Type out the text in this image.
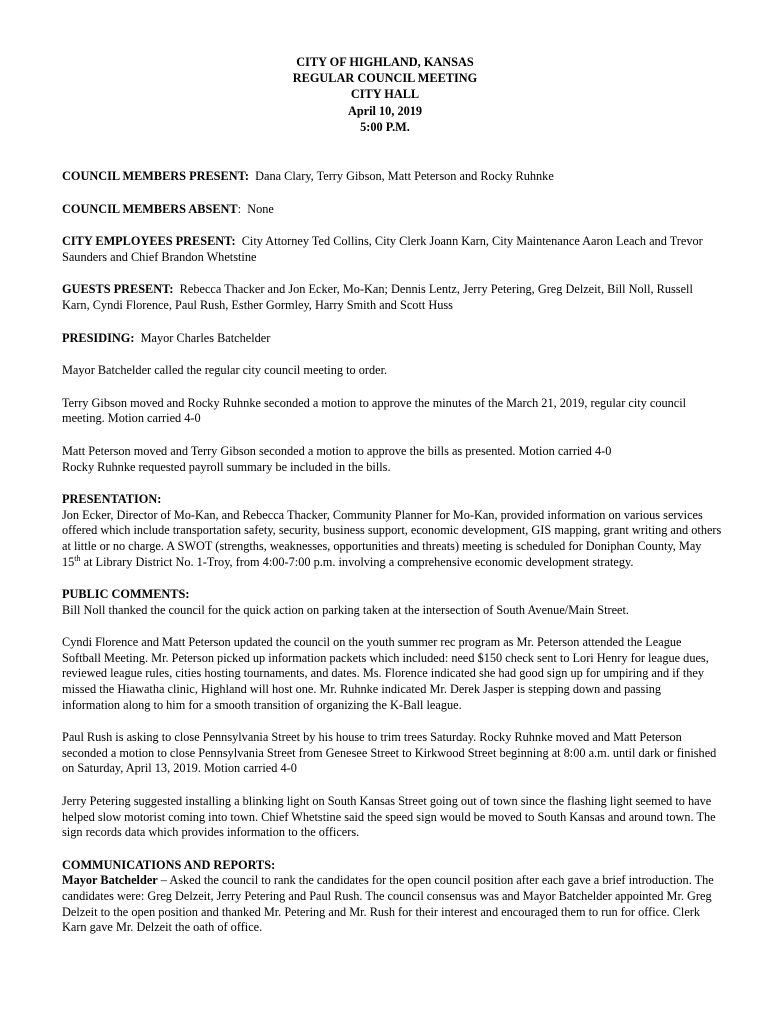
CITY OF HIGHLAND, KANSAS
REGULAR COUNCIL MEETING
CITY HALL
April 10, 2019
5:00 P.M.

COUNCIL MEMBERS PRESENT: Dana Clary, Terry Gibson, Matt Peterson and Rocky Ruhnke

COUNCIL MEMBERS ABSENT: None

CITY EMPLOYEES PRESENT: City Attorney Ted Collins, City Clerk Joann Karn, City Maintenance Aaron Leach and Trevor Saunders and Chief Brandon Whetstine

GUESTS PRESENT: Rebecca Thacker and Jon Ecker, Mo-Kan; Dennis Lentz, Jerry Petering, Greg Delzeit, Bill Noll, Russell Karn, Cyndi Florence, Paul Rush, Esther Gormley, Harry Smith and Scott Huss

PRESIDING: Mayor Charles Batchelder

Mayor Batchelder called the regular city council meeting to order.

Terry Gibson moved and Rocky Ruhnke seconded a motion to approve the minutes of the March 21, 2019, regular city council meeting. Motion carried 4-0

Matt Peterson moved and Terry Gibson seconded a motion to approve the bills as presented. Motion carried 4-0
Rocky Ruhnke requested payroll summary be included in the bills.

PRESENTATION:
Jon Ecker, Director of Mo-Kan, and Rebecca Thacker, Community Planner for Mo-Kan, provided information on various services offered which include transportation safety, security, business support, economic development, GIS mapping, grant writing and others at little or no charge. A SWOT (strengths, weaknesses, opportunities and threats) meeting is scheduled for Doniphan County, May 15th at Library District No. 1-Troy, from 4:00-7:00 p.m. involving a comprehensive economic development strategy.

PUBLIC COMMENTS:
Bill Noll thanked the council for the quick action on parking taken at the intersection of South Avenue/Main Street.

Cyndi Florence and Matt Peterson updated the council on the youth summer rec program as Mr. Peterson attended the League Softball Meeting. Mr. Peterson picked up information packets which included: need $150 check sent to Lori Henry for league dues, reviewed league rules, cities hosting tournaments, and dates. Ms. Florence indicated she had good sign up for umpiring and if they missed the Hiawatha clinic, Highland will host one. Mr. Ruhnke indicated Mr. Derek Jasper is stepping down and passing information along to him for a smooth transition of organizing the K-Ball league.

Paul Rush is asking to close Pennsylvania Street by his house to trim trees Saturday. Rocky Ruhnke moved and Matt Peterson seconded a motion to close Pennsylvania Street from Genesee Street to Kirkwood Street beginning at 8:00 a.m. until dark or finished on Saturday, April 13, 2019. Motion carried 4-0

Jerry Petering suggested installing a blinking light on South Kansas Street going out of town since the flashing light seemed to have helped slow motorist coming into town. Chief Whetstine said the speed sign would be moved to South Kansas and around town. The sign records data which provides information to the officers.

COMMUNICATIONS AND REPORTS:
Mayor Batchelder – Asked the council to rank the candidates for the open council position after each gave a brief introduction. The candidates were: Greg Delzeit, Jerry Petering and Paul Rush. The council consensus was and Mayor Batchelder appointed Mr. Greg Delzeit to the open position and thanked Mr. Petering and Mr. Rush for their interest and encouraged them to run for office. Clerk Karn gave Mr. Delzeit the oath of office.
